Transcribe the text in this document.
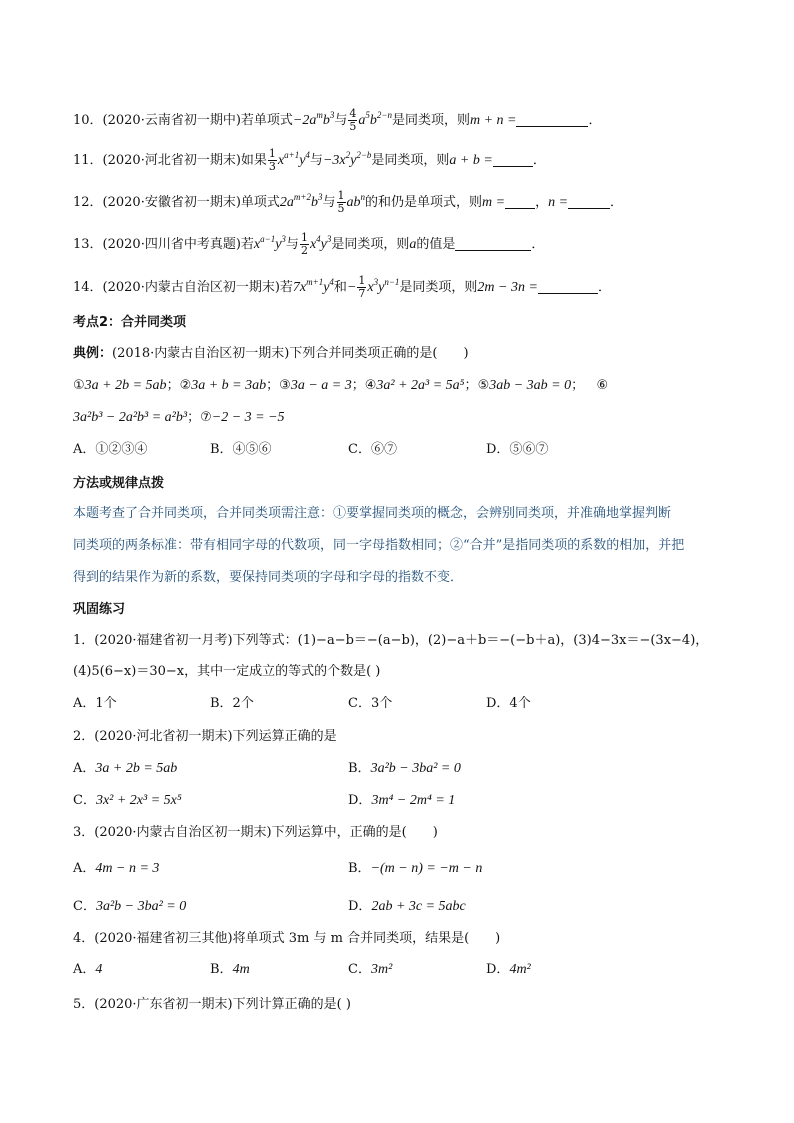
10．(2020·云南省初一期中)若单项式$-2a^mb^3$与 $\frac{4}{5} a^5b^{2-n}$是同类项，则m + n =	．
11．(2020·河北省初一期末)如果 $\frac{1}{3} x^{a+1}y^4$与$-3x^2y^{2-b}$是同类项，则a + b =	．
12．(2020·安徽省初一期末)单项式$2a^{m+2}b^3$与 $\frac{1}{5} ab^n$的和仍是单项式，则m = ，n =	．
13．(2020·四川省中考真题)若$x^{a-1}y^3$与 $\frac{1}{2} x^4y^3$是同类项，则a的值是	．
14．(2020·内蒙古自治区初一期末)若$7x^{m+1}y^4$和− $\frac{1}{7} x^3y^{n-1}$是同类项，则2m − 3n =	．
考点2：合并同类项
典例：(2018·内蒙古自治区初一期末)下列合并同类项正确的是(　　)
①3a + 2b = 5ab；②3a + b = 3ab；③3a − a = 3；④3a² + 2a³ = 5a⁵；⑤3ab − 3ab = 0； ⑥
3a²b³ − 2a²b³ = a²b³；⑦−2 − 3 = −5
A．①②③④	B．④⑤⑥	C．⑥⑦	D．⑤⑥⑦
方法或规律点拨
本题考查了合并同类项，合并同类项需注意：①要掌握同类项的概念，会辨别同类项，并准确地掌握判断
同类项的两条标准：带有相同字母的代数项，同一字母指数相同；②“合并”是指同类项的系数的相加，并把
得到的结果作为新的系数，要保持同类项的字母和字母的指数不变．
巩固练习
1．(2020·福建省初一月考)下列等式：(1)−a−b＝−(a−b)，(2)−a＋b＝−(−b＋a)，(3)4−3x＝−(3x−4)，
(4)5(6−x)＝30−x，其中一定成立的等式的个数是( )
A．1个	B．2个	C．3个	D．4个
2．(2020·河北省初一期末)下列运算正确的是
A．3a + 2b = 5ab	B．3a²b − 3ba² = 0
C．3x² + 2x³ = 5x⁵	D．3m⁴ − 2m⁴ = 1
3．(2020·内蒙古自治区初一期末)下列运算中，正确的是(　　)
A．4m − n = 3	B．−(m − n) = −m − n
C．3a²b − 3ba² = 0	D．2ab + 3c = 5abc
4．(2020·福建省初三其他)将单项式 3m 与 m 合并同类项，结果是(　　)
A．4	B．4m	C．3m²	D．4m²
5．(2020·广东省初一期末)下列计算正确的是( )
